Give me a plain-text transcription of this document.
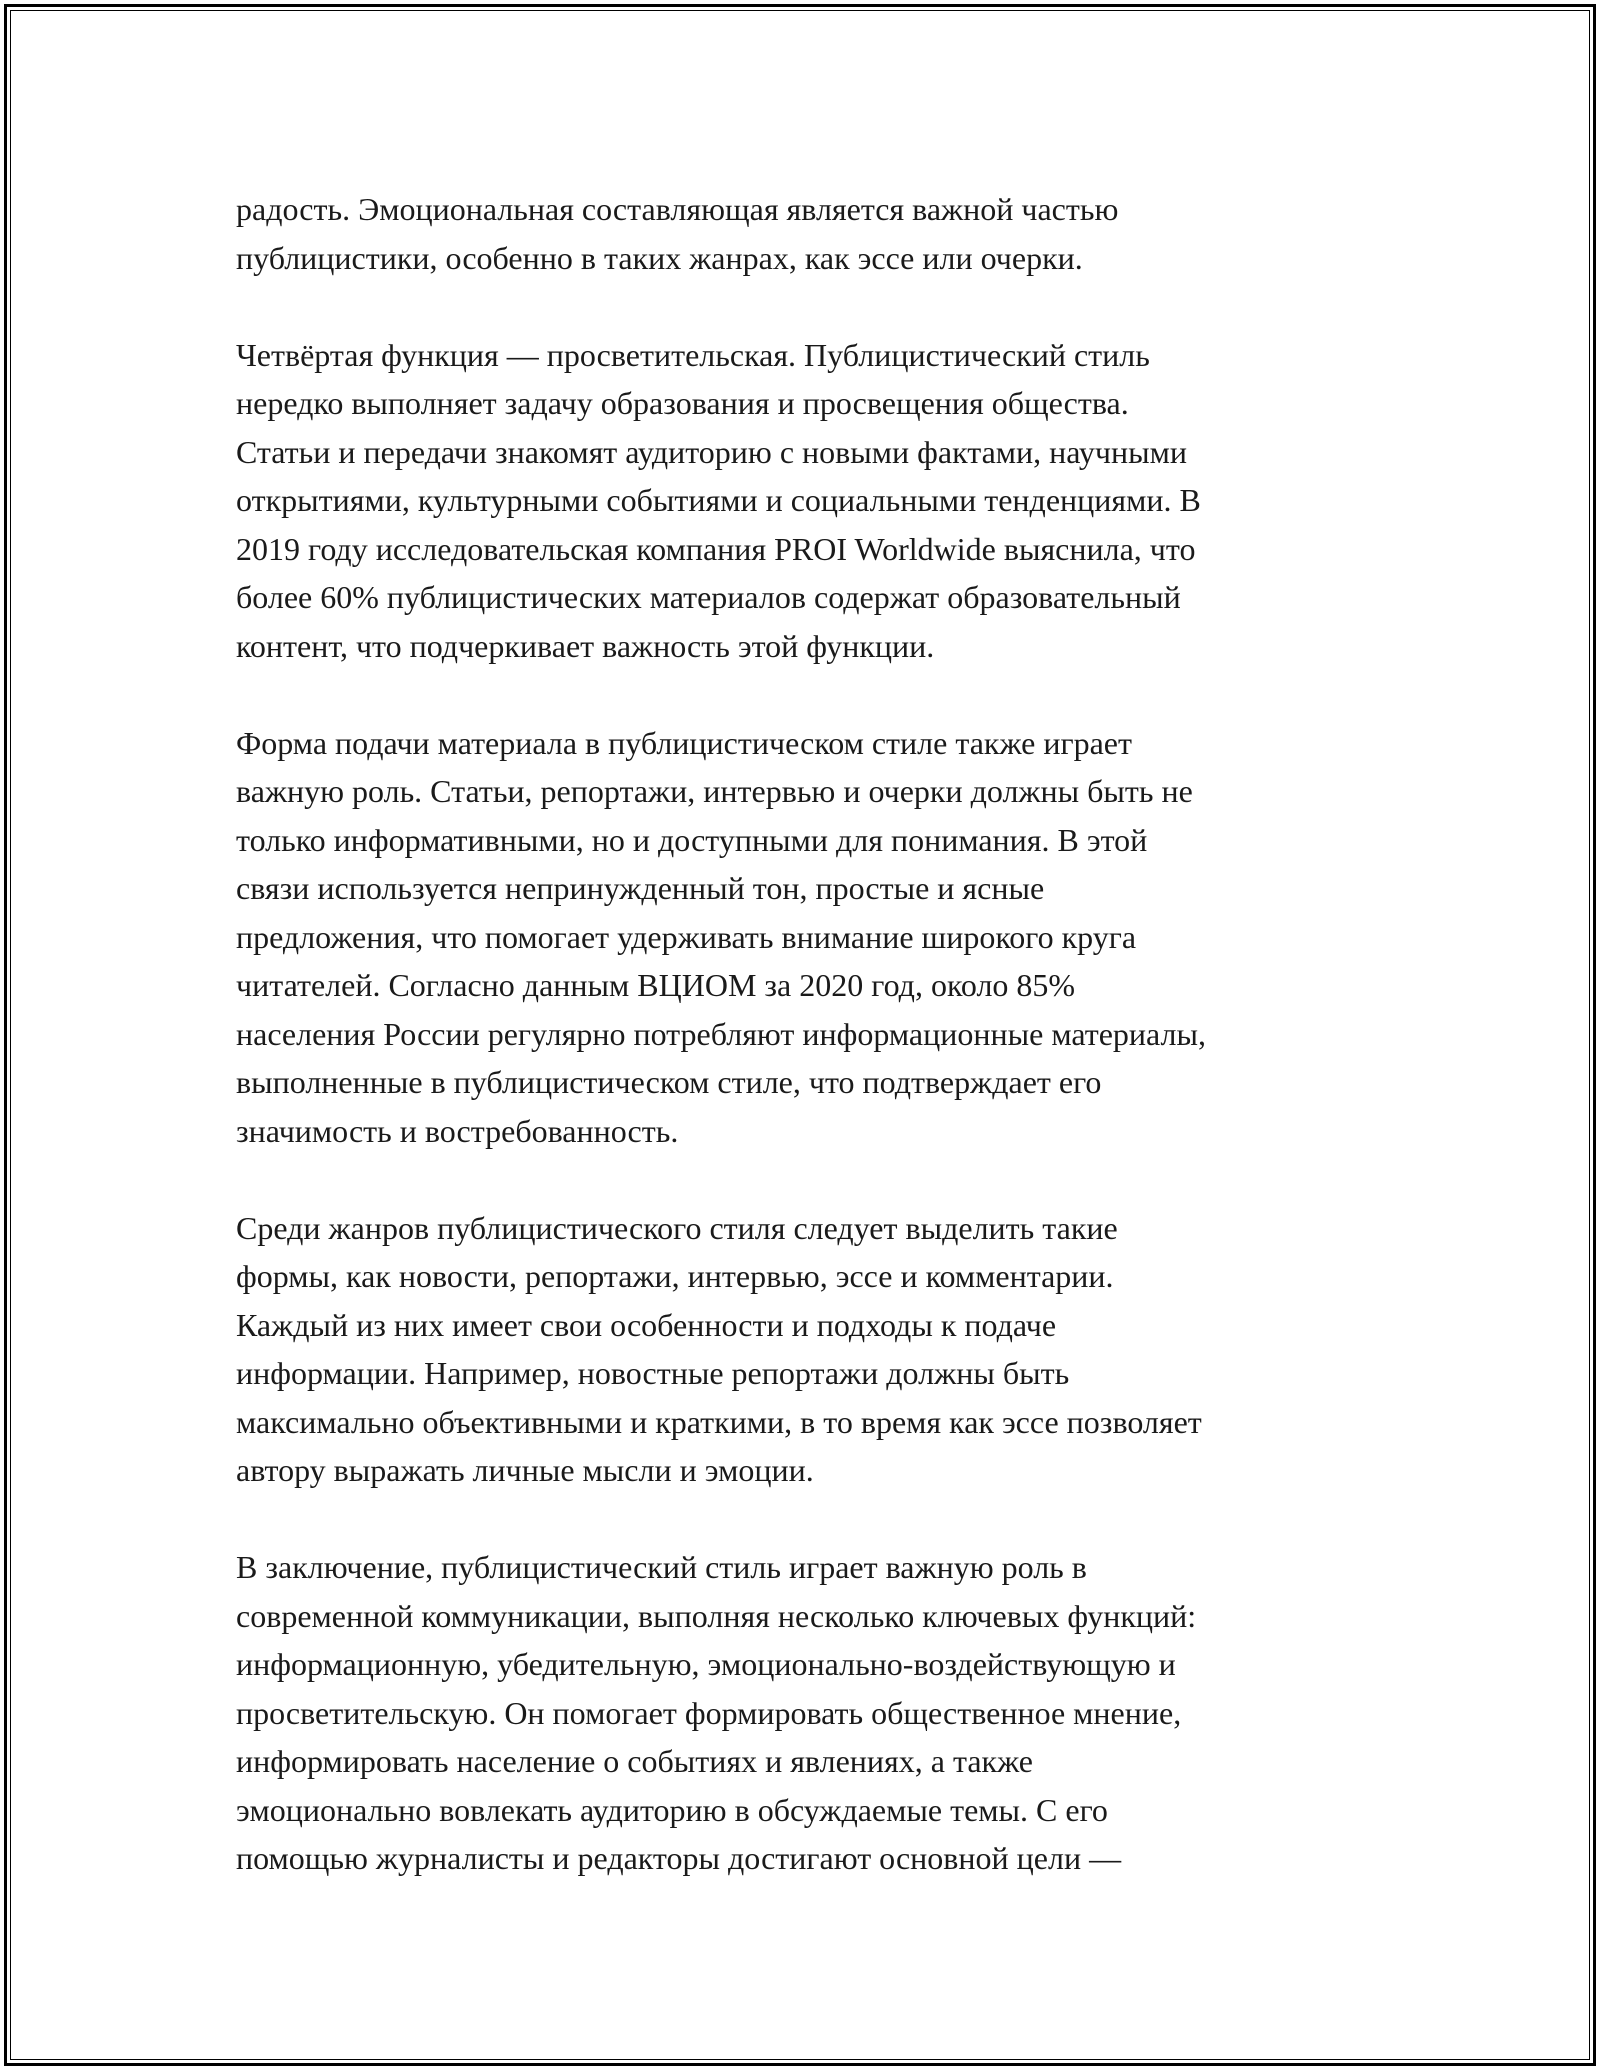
радость. Эмоциональная составляющая является важной частью
публицистики, особенно в таких жанрах, как эссе или очерки.
Четвёртая функция — просветительская. Публицистический стиль
нередко выполняет задачу образования и просвещения общества.
Статьи и передачи знакомят аудиторию с новыми фактами, научными
открытиями, культурными событиями и социальными тенденциями. В
2019 году исследовательская компания PROI Worldwide выяснила, что
более 60% публицистических материалов содержат образовательный
контент, что подчеркивает важность этой функции.
Форма подачи материала в публицистическом стиле также играет
важную роль. Статьи, репортажи, интервью и очерки должны быть не
только информативными, но и доступными для понимания. В этой
связи используется непринужденный тон, простые и ясные
предложения, что помогает удерживать внимание широкого круга
читателей. Согласно данным ВЦИОМ за 2020 год, около 85%
населения России регулярно потребляют информационные материалы,
выполненные в публицистическом стиле, что подтверждает его
значимость и востребованность.
Среди жанров публицистического стиля следует выделить такие
формы, как новости, репортажи, интервью, эссе и комментарии.
Каждый из них имеет свои особенности и подходы к подаче
информации. Например, новостные репортажи должны быть
максимально объективными и краткими, в то время как эссе позволяет
автору выражать личные мысли и эмоции.
В заключение, публицистический стиль играет важную роль в
современной коммуникации, выполняя несколько ключевых функций:
информационную, убедительную, эмоционально-воздействующую и
просветительскую. Он помогает формировать общественное мнение,
информировать население о событиях и явлениях, а также
эмоционально вовлекать аудиторию в обсуждаемые темы. С его
помощью журналисты и редакторы достигают основной цели —
